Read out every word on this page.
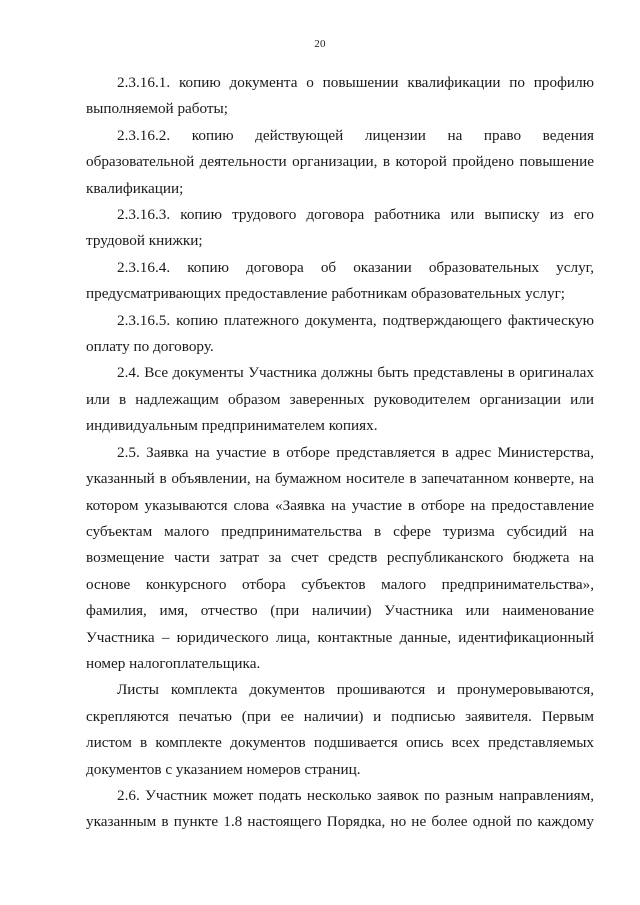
20

2.3.16.1. копию документа о повышении квалификации по профилю выполняемой работы;

2.3.16.2. копию действующей лицензии на право ведения образовательной деятельности организации, в которой пройдено повышение квалификации;

2.3.16.3. копию трудового договора работника или выписку из его трудовой книжки;

2.3.16.4. копию договора об оказании образовательных услуг, предусматривающих предоставление работникам образовательных услуг;

2.3.16.5. копию платежного документа, подтверждающего фактическую оплату по договору.

2.4. Все документы Участника должны быть представлены в оригиналах или в надлежащим образом заверенных руководителем организации или индивидуальным предпринимателем копиях.

2.5. Заявка на участие в отборе представляется в адрес Министерства, указанный в объявлении, на бумажном носителе в запечатанном конверте, на котором указываются слова «Заявка на участие в отборе на предоставление субъектам малого предпринимательства в сфере туризма субсидий на возмещение части затрат за счет средств республиканского бюджета на основе конкурсного отбора субъектов малого предпринимательства», фамилия, имя, отчество (при наличии) Участника или наименование Участника – юридического лица, контактные данные, идентификационный номер налогоплательщика.

Листы комплекта документов прошиваются и пронумеровываются, скрепляются печатью (при ее наличии) и подписью заявителя. Первым листом в комплекте документов подшивается опись всех представляемых документов с указанием номеров страниц.

2.6. Участник может подать несколько заявок по разным направлениям, указанным в пункте 1.8 настоящего Порядка, но не более одной по каждому
